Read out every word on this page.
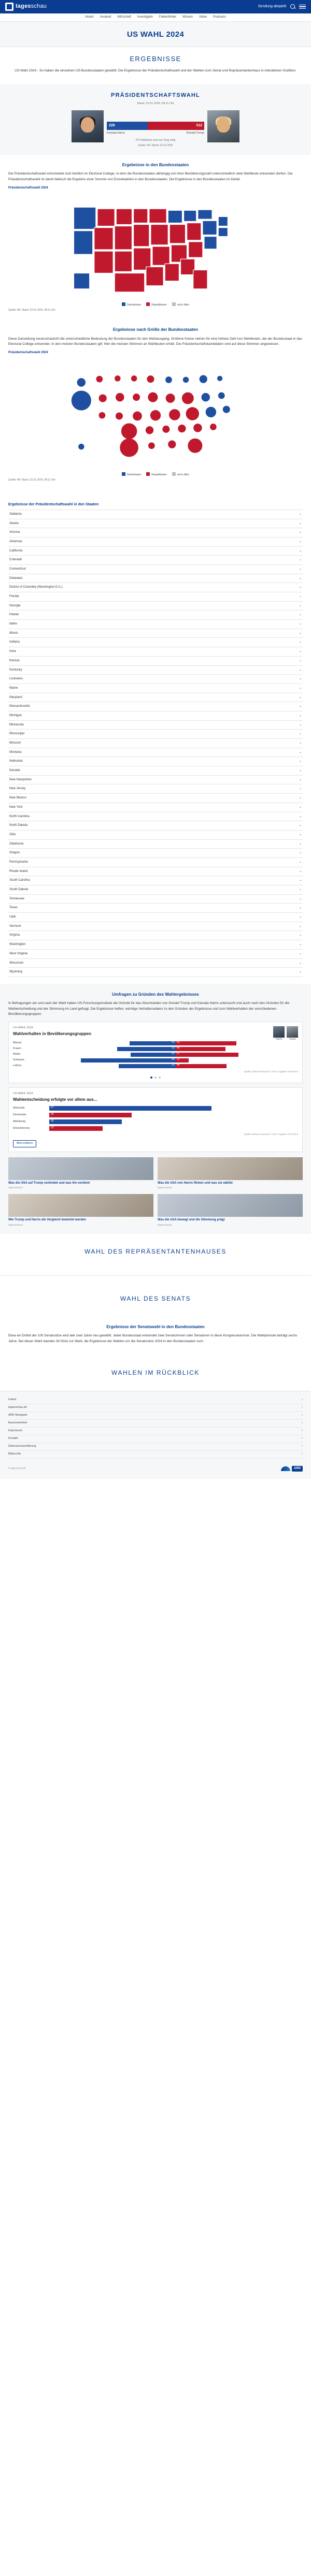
tagesschau	Sendung abspielt
Inland Ausland Wirtschaft Investigativ Faktenfinder Wissen Video Podcasts
US WAHL 2024
ERGEBNISSE

US-Wahl 2024 - So haben die einzelnen US-Bundesstaaten gewählt: Die Ergebnisse der Präsidentschaftswahl und der Wahlen zum Senat und Repräsentantenhaus in interaktiven Grafiken.

PRÄSIDENTSCHAFTSWAHL
Stand: 22.01.2025, 08:11 Uhr
226	312
Kamala Harris	Donald Trump
270 Wahlleute sind zum Sieg nötig
Quelle: AP, Stand: 22.01.2025
Ergebnisse in den Bundesstaaten

Die Präsidentschaftswahl entscheidet sich letztlich im Electoral College, in dem die Bundesstaaten abhängig von ihrer Bevölkerungszahl unterschiedlich viele Wahlleute entsenden dürfen. Die Präsidentschaftswahl ist damit faktisch die Ergebnis einer Summe von Einzelwahlen in den Bundesstaaten. Die Ergebnisse in den Bundesstaaten im Detail.

Präsidentschaftswahl 2024
Demokraten	Republikaner	noch offen
Quelle: AP, Stand: 22.01.2025, 08:11 Uhr
Ergebnisse nach Größe der Bundesstaaten

Diese Darstellung veranschaulicht die unterschiedliche Bedeutung der Bundesstaaten für den Wahlausgang. Größere Kreise stehen für eine höhere Zahl von Wahlleuten, die der Bundesstaat in das Electoral College entsendet. In den meisten Bundesstaaten gilt: Wer die meisten Stimmen an Wahlleuten erhält. Die Präsidentschaftskandidaten sind auf diese Stimmen angewiesen.

Präsidentschaftswahl 2024
Demokraten	Republikaner	noch offen
Quelle: AP, Stand: 22.01.2025, 08:11 Uhr
Ergebnisse der Präsidentschaftswahl in den Staaten
Alabama	⌄
Alaska	⌄
Arizona	⌄
Arkansas	⌄
California	⌄
Colorado	⌄
Connecticut	⌄
Delaware	⌄
District of Columbia (Washington D.C.)	⌄
Florida	⌄
Georgia	⌄
Hawaii	⌄
Idaho	⌄
Illinois	⌄
Indiana	⌄
Iowa	⌄
Kansas	⌄
Kentucky	⌄
Louisiana	⌄
Maine	⌄
Maryland	⌄
Massachusetts	⌄
Michigan	⌄
Minnesota	⌄
Mississippi	⌄
Missouri	⌄
Montana	⌄
Nebraska	⌄
Nevada	⌄
New Hampshire	⌄
New Jersey	⌄
New Mexico	⌄
New York	⌄
North Carolina	⌄
North Dakota	⌄
Ohio	⌄
Oklahoma	⌄
Oregon	⌄
Pennsylvania	⌄
Rhode Island	⌄
South Carolina	⌄
South Dakota	⌄
Tennessee	⌄
Texas	⌄
Utah	⌄
Vermont	⌄
Virginia	⌄
Washington	⌄
West Virginia	⌄
Wisconsin	⌄
Wyoming	⌄
Umfragen zu Gründen des Wahlergebnisses

In Befragungen am und nach der Wahl haben US-Forschungsinstitute die Gründe für das Abschneiden von Donald Trump und Kamala Harris untersucht und auch nach den Gründen für die Wahlentscheidung und der Stimmung im Land gefragt. Die Ergebnisse helfen, wichtige Verhaltensdaten zu den Gründen der Ergebnisse und zum Wahlverhalten der verschiedenen Bevölkerungsgruppen.

US-WAHL 2024
Wahlverhalten in Bevölkerungsgruppen
Harris	Trump
Männer	42 55
Frauen	53 45
Weiße	41 57
Schwarze	86 12
Latinos	52 46
Quelle: Edison Research / Pool; Angaben in Prozent
US-WAHL 2024
Wahlentscheidung erfolgte vor allem aus...
Wirtschaft	67
Demokratie	34
Abtreibung	30
Einwanderung	22
Quelle: Edison Research / Pool; Angaben in Prozent
Mehr erfahren
Was die USA auf Trump verbindet und was ihn verdient
tagesschau24
Was die USA von Harris flinken und was sie wählte
tagesschau24
Wie Trump und Harris die Vergleich bewertet werden
tagesschau24
Was die USA bewegt und die Stimmung prägt
tagesschau24
WAHL DES REPRÄSENTANTENHAUSES
WAHL DES SENATS
Ergebnisse der Senatswahl in den Bundesstaaten

Etwa ein Drittel der 100 Senatssitze wird alle zwei Jahre neu gewählt. Jeder Bundesstaat entsendet zwei Senatorinnen oder Senatoren in diese Kongresskammer. Die Wahlperiode beträgt sechs Jahre. Bei dieser Wahl standen 34 Sitze zur Wahl, die Ergebnisse der Wahlen um die Senatssitze 2024 in den Bundesstaaten zum.

WAHLEN IM RÜCKBLICK
Inland	›
tagesschau.de	›
ARD-Navigator	›
Barrierefreiheit	›
Impressum	›
Kontakt	›
Datenschutzerklärung	›
Bildrechte	›
© tagesschau.de	ARD
